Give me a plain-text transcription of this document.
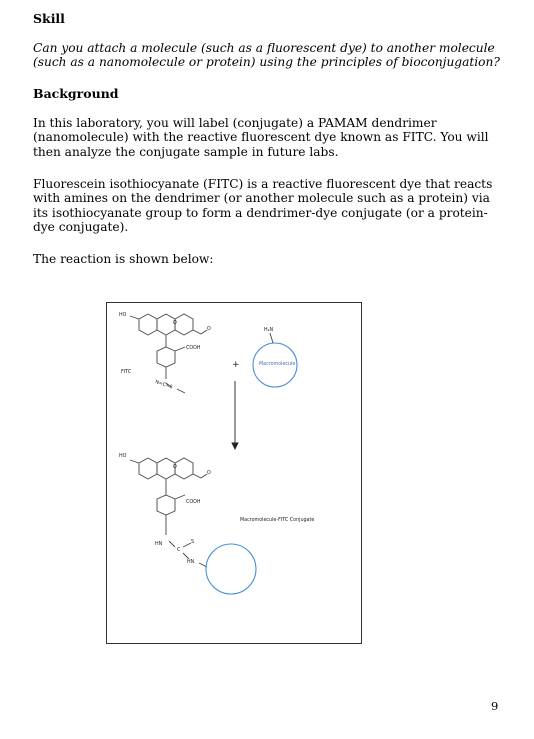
Skill
Can you attach a molecule (such as a fluorescent dye) to another molecule (such as a nanomolecule or protein) using the principles of bioconjugation?
Background
In this laboratory, you will label (conjugate) a PAMAM dendrimer (nanomolecule) with the reactive fluorescent dye known as FITC. You will then analyze the conjugate sample in future labs.
Fluorescein isothiocyanate (FITC) is a reactive fluorescent dye that reacts with amines on the dendrimer (or another molecule such as a protein) via its isothiocyanate group to form a dendrimer-dye conjugate (or a protein-dye conjugate).
The reaction is shown below:
HO
O
O
FITC
COOH
N=C=S
H₂N
Macromolecule
HO
O
O
COOH
HN
C
S
HN
Macromolecule-FITC Conjugate
+
9
